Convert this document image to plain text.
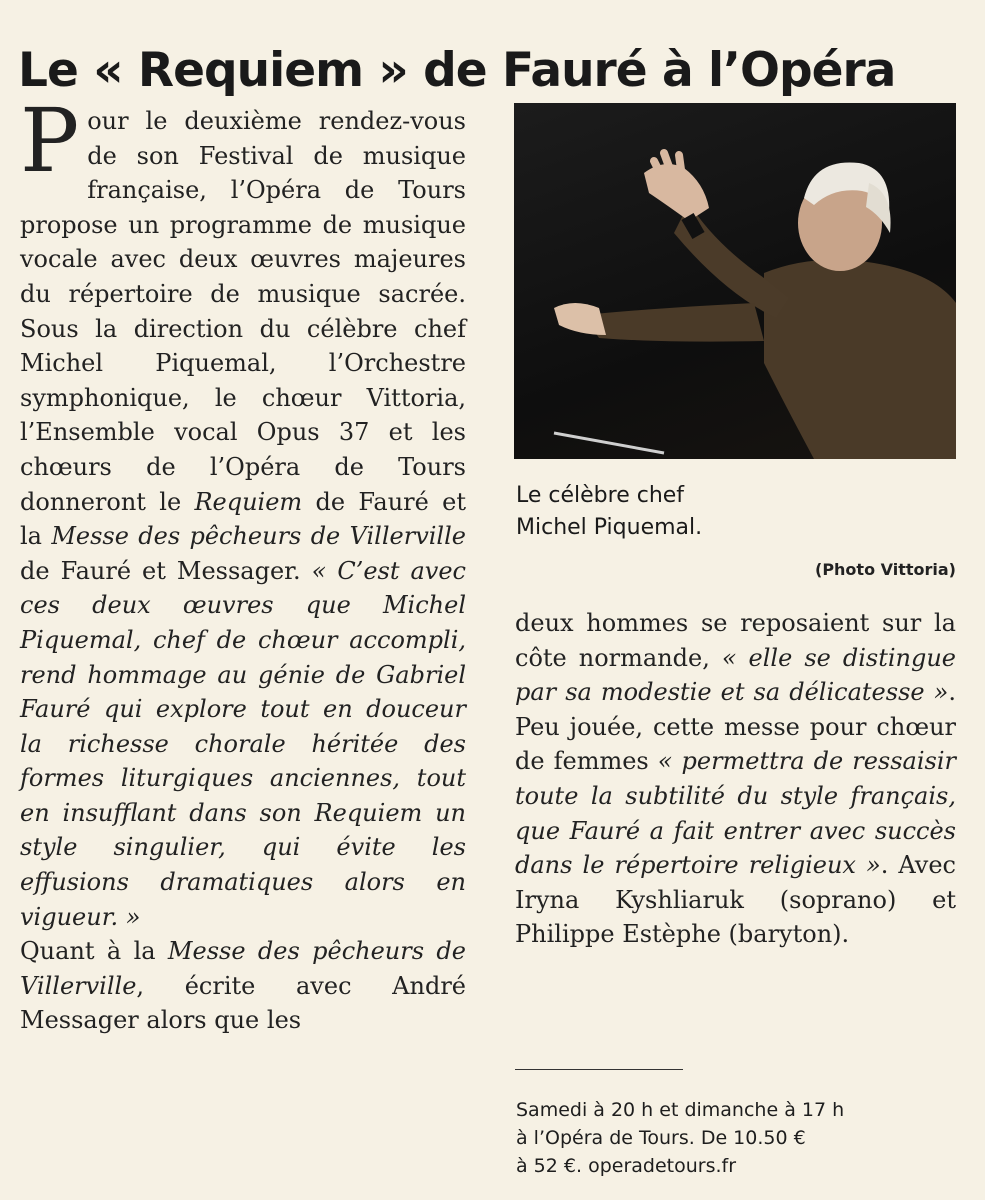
Le « Requiem » de Fauré à l’Opéra

Pour le deuxième rendez-vous de son Festival de musique française, l’Opéra de Tours propose un programme de musique vocale avec deux œuvres majeures du répertoire de musique sacrée. Sous la direction du célèbre chef Michel Piquemal, l’Orchestre symphonique, le chœur Vittoria, l’Ensemble vocal Opus 37 et les chœurs de l’Opéra de Tours donneront le Requiem de Fauré et la Messe des pêcheurs de Villerville de Fauré et Messager. « C’est avec ces deux œuvres que Michel Piquemal, chef de chœur accompli, rend hommage au génie de Gabriel Fauré qui explore tout en douceur la richesse chorale héritée des formes liturgiques anciennes, tout en insufflant dans son Requiem un style singulier, qui évite les effusions dramatiques alors en vigueur. »

Quant à la Messe des pêcheurs de Villerville, écrite avec André Messager alors que les

Le célèbre chef
Michel Piquemal.
(Photo Vittoria)

deux hommes se reposaient sur la côte normande, « elle se distingue par sa modestie et sa délicatesse ». Peu jouée, cette messe pour chœur de femmes « permettra de ressaisir toute la subtilité du style français, que Fauré a fait entrer avec succès dans le répertoire religieux ». Avec Iryna Kyshliaruk (soprano) et Philippe Estèphe (baryton).

Samedi à 20 h et dimanche à 17 h
à l’Opéra de Tours. De 10.50 €
à 52 €. operadetours.fr
